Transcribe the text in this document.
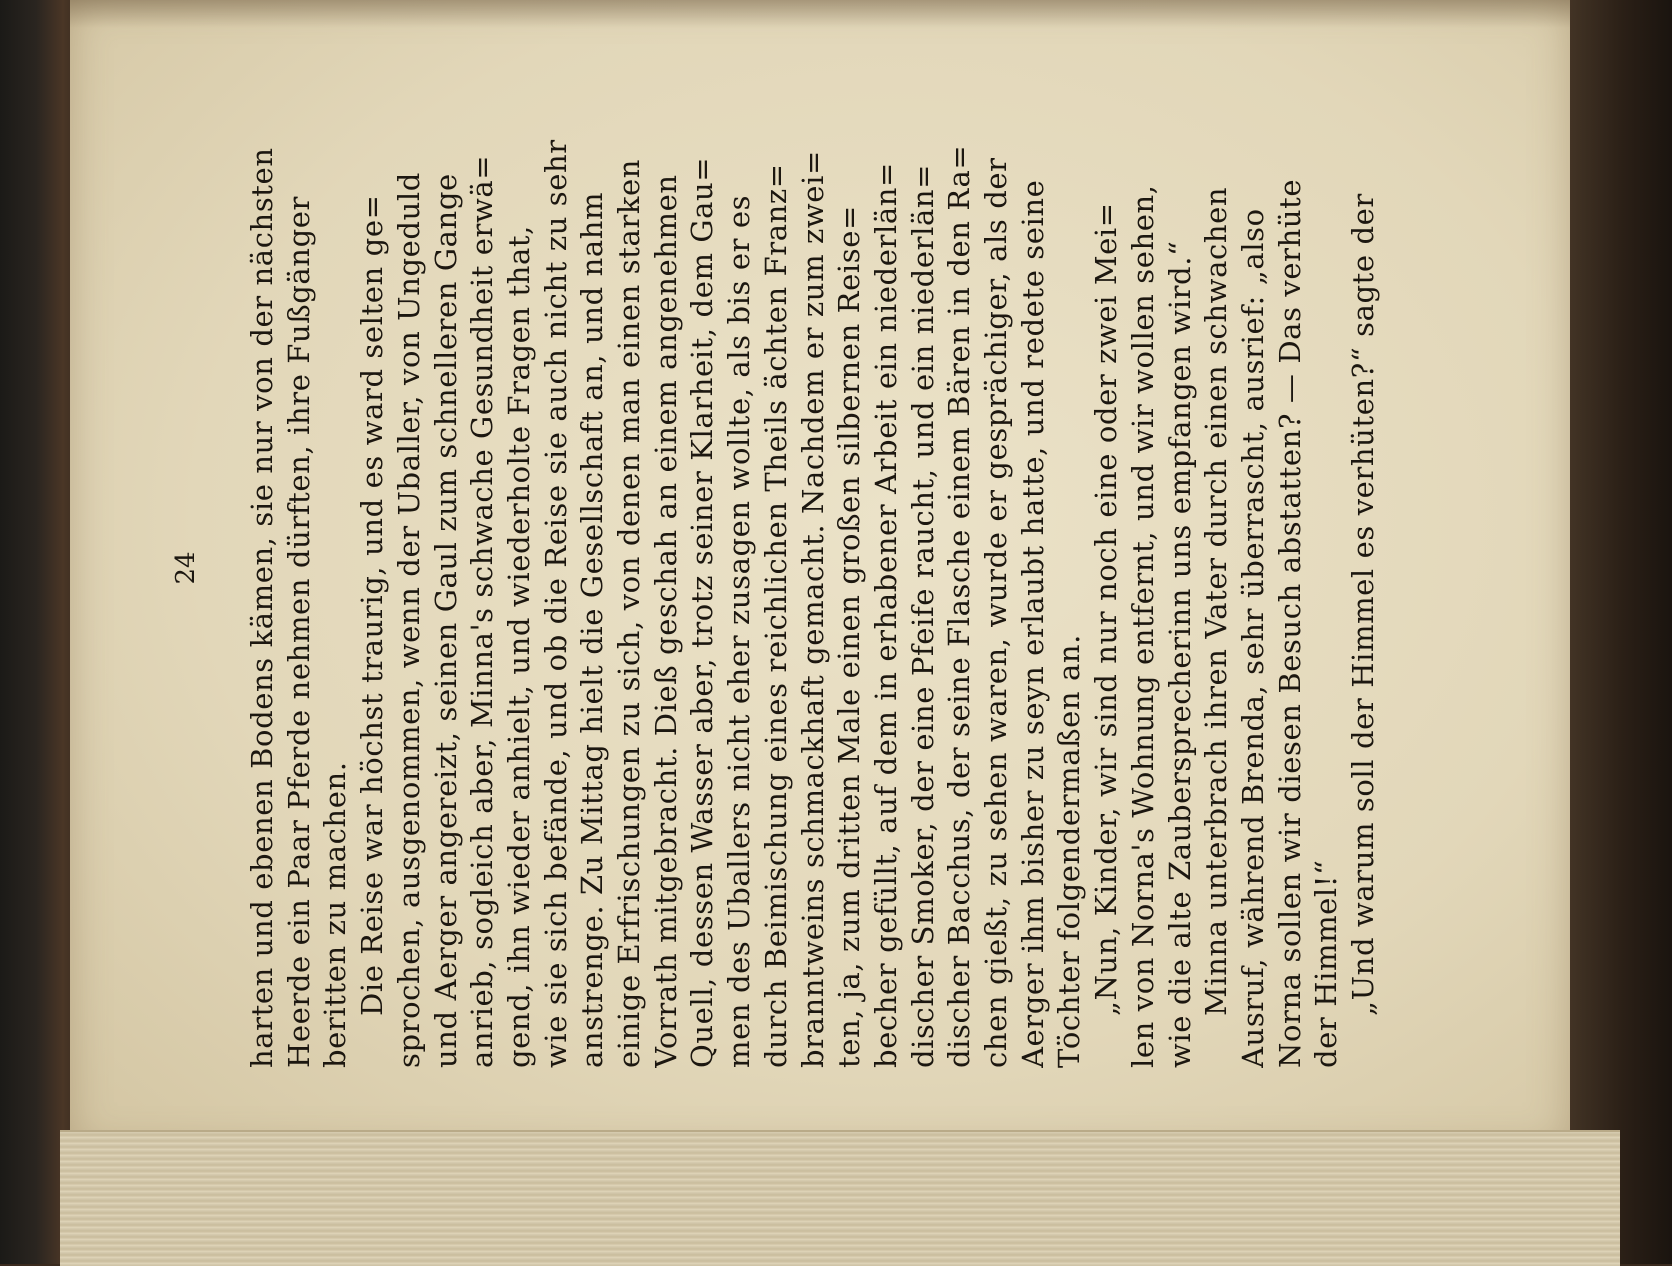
24 harten und ebenen Bodens kämen, sie nur von der nächsten Heerde ein Paar Pferde nehmen dürften, ihre Fußgänger beritten zu machen. Die Reise war höchst traurig, und es ward selten ge= sprochen, ausgenommen, wenn der Uballer, von Ungeduld und Aerger angereizt, seinen Gaul zum schnelleren Gange anrieb, sogleich aber, Minna's schwache Gesundheit erwä= gend, ihn wieder anhielt, und wiederholte Fragen that, wie sie sich befände, und ob die Reise sie auch nicht zu sehr anstrenge. Zu Mittag hielt die Gesellschaft an, und nahm einige Erfrischungen zu sich, von denen man einen starken Vorrath mitgebracht. Dieß geschah an einem angenehmen Quell, dessen Wasser aber, trotz seiner Klarheit, dem Gau= men des Uballers nicht eher zusagen wollte, als bis er es durch Beimischung eines reichlichen Theils ächten Franz= branntweins schmackhaft gemacht. Nachdem er zum zwei= ten, ja, zum dritten Male einen großen silbernen Reise= becher gefüllt, auf dem in erhabener Arbeit ein niederlän= discher Smoker, der eine Pfeife raucht, und ein niederlän= discher Bacchus, der seine Flasche einem Bären in den Ra= chen gießt, zu sehen waren, wurde er gesprächiger, als der Aerger ihm bisher zu seyn erlaubt hatte, und redete seine Töchter folgendermaßen an. „Nun, Kinder, wir sind nur noch eine oder zwei Mei= len von Norna's Wohnung entfernt, und wir wollen sehen, wie die alte Zaubersprecherinn uns empfangen wird.“ Minna unterbrach ihren Vater durch einen schwachen Ausruf, während Brenda, sehr überrascht, ausrief: „also Norna sollen wir diesen Besuch abstatten? — Das verhüte der Himmel!“ „Und warum soll der Himmel es verhüten?“ sagte der
